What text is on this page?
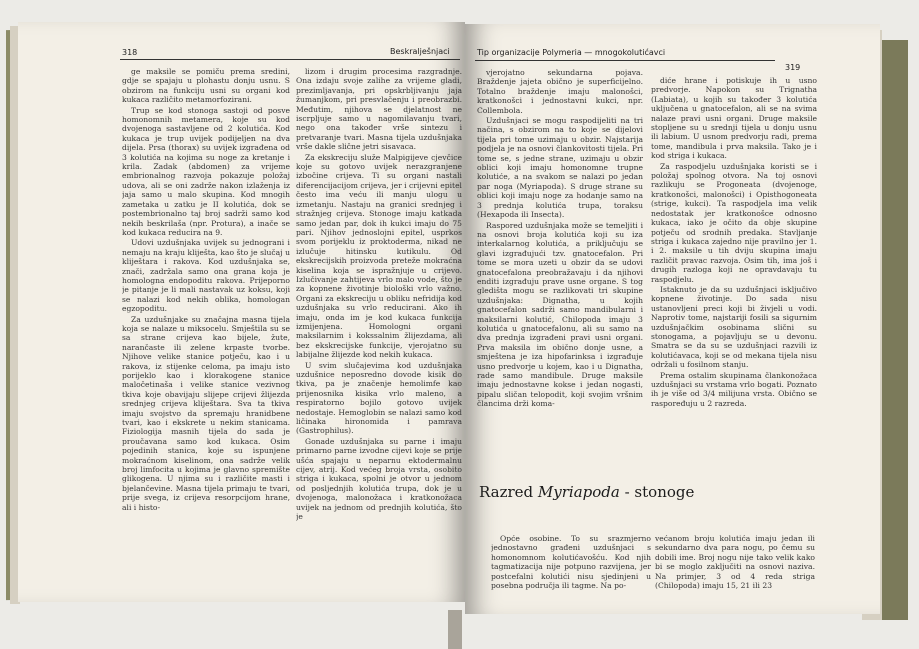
318	Beskralješnjaci

ge maksile se pomiču prema sredini, gdje se spajaju u plohastu donju usnu. S obzirom na funkciju usni su organi kod kukaca različito metamorfozirani.

Trup se kod stonoga sastoji od posve homonomnih metamera, koje su kod dvojenoga sastavljene od 2 kolutića. Kod kukaca je trup uvijek podijeljen na dva dijela. Prsa (thorax) su uvijek izgrađena od 3 kolutića na kojima su noge za kretanje i krila. Zadak (abdomen) za vrijeme embrionalnog razvoja pokazuje položaj udova, ali se oni zadrže nakon izlaženja iz jaja samo u malo skupina. Kod mnogih zametaka u zatku je II kolutića, dok se postembrionalno taj broj sadrži samo kod nekih beskrilaša (npr. Protura), a inače se kod kukaca reducira na 9.

Udovi uzdušnjaka uvijek su jednograni i nemaju na kraju kliješta, kao što je slučaj u kliještara i rakova. Kod uzdušnjaka se, znači, zadržala samo ona grana koja je homologna endopoditu rakova. Prijeporno je pitanje je li mali nastavak uz koksu, koji se nalazi kod nekih oblika, homologan egzopoditu.

Za uzdušnjake su značajna masna tijela koja se nalaze u miksocelu. Smještila su se sa strane crijeva kao bijele, žute, narančaste ili zelene krpaste tvorbe. Njihove velike stanice potječu, kao i u rakova, iz stijenke celoma, pa imaju isto porijeklo kao i klorakogene stanice maločetinaša i velike stanice vezivnog tkiva koje obavijaju slijepe crijevi žlijezda srednjeg crijeva kliještara. Sva ta tkiva imaju svojstvo da spremaju hranidbene tvari, kao i ekskrete u nekim stanicama. Fiziologija masnih tijela do sada je proučavana samo kod kukaca. Osim pojedinih stanica, koje su ispunjene mokraćnom kiselinom, ona sadrže velik broj limfocita u kojima je glavno spremište glikogena. U njima su i različite masti i bjelančevine. Masna tijela primaju te tvari, prije svega, iz crijeva resorpcijom hrane, ali i histo-

lizom i drugim procesima razgradnje. Ona izdaju svoje zalihe za vrijeme gladi, prezimljavanja, pri opskrbljivanju jaja žumanjkom, pri presvlačenju i preobrazbi. Međutim, njihova se djelatnost ne iscrpljuje samo u nagomilavanju tvari, nego ona također vrše sintezu i pretvaranje tvari. Masna tijela uzdušnjaka vrše dakle slične jetri sisavaca.

Za ekskreciju služe Malpigijeve cjevčice koje su gotovo uvijek nerazgranjene izbočine crijeva. Ti su organi nastali diferencijacijom crijeva, jer i crijevni epitel često ima veću ili manju ulogu u izmetanju. Nastaju na granici srednjeg i stražnjeg crijeva. Stonoge imaju katkada samo jedan par, dok ih kukci imaju do 75 pari. Njihov jednoslojni epitel, usprkos svom porijeklu iz proktoderma, nikad ne izlučuje hitinsku kutikulu. Od ekskrecijskih proizvoda preteže mokraćna kiselina koja se ispražnjuje u crijevo. Izlučivanje zahtijeva vrlo malo vode, što je za kopnene životinje biološki vrlo važno. Organi za ekskreciju u obliku nefridija kod uzdušnjaka su vrlo reducirani. Ako ih imaju, onda im je kod kukaca funkcija izmijenjena. Homologni organi maksilarnim i kokssalnim žlijezdama, ali bez ekskrecijske funkcije, vjerojatno su labijalne žlijezde kod nekih kukaca.

U svim slučajevima kod uzdušnjaka uzdušnice neposredno dovode kisik do tkiva, pa je značenje hemolimfe kao prijenosnika kisika vrlo maleno, a respiratorno bojilo gotovo uvijek nedostaje. Hemoglobin se nalazi samo kod ličinaka hironomida i pamrava (Gastrophilus).

Gonade uzdušnjaka su parne i imaju primarno parne izvodne cijevi koje se prije ušća spajaju u neparnu ektodermalnu cijev, atrij. Kod većeg broja vrsta, osobito striga i kukaca, spolni je otvor u jednom od posljednjih kolutića trupa, dok je u dvojenoga, malonožaca i kratkonožaca uvijek na jednom od prednjih kolutića, što je

Tip organizacije Polymeria — mnogokolutićavci
319

vjerojatno sekundarna pojava. Braždenje jajeta obično je superficijelno. Totalno braždenje imaju malonošci, kratkonošci i jednostavni kukci, npr. Collembola.

Uzdušnjaci se mogu raspodijeliti na tri načina, s obzirom na to koje se dijelovi tijela pri tome uzimaju u obzir. Najstarija podjela je na osnovi člankovitosti tijela. Pri tome se, s jedne strane, uzimaju u obzir oblici koji imaju homonomne trupne kolutiće, a na svakom se nalazi po jedan par noga (Myriapoda). S druge strane su oblici koji imaju noge za hodanje samo na 3 prednja kolutića trupa, toraksu (Hexapoda ili Insecta).

Raspored uzdušnjaka može se temeljiti i na osnovi broja kolutića koji su iza interkalarnog kolutića, a priključuju se glavi izgrađujući tzv. gnatocefalon. Pri tome se mora uzeti u obzir da se udovi gnatocefalona preobražavaju i da njihovi enditi izgrađuju prave usne organe. S tog gledišta mogu se razlikovati tri skupine uzdušnjaka: Dignatha, u kojih gnatocefalon sadrži samo mandibularni i maksilarni kolutić, Chilopoda imaju 3 kolutića u gnatocefalonu, ali su samo na dva prednja izgrađeni pravi usni organi. Prva maksila im obično donje usne, a smještena je iza hipofarinksa i izgrađuje usno predvorje u kojem, kao i u Dignatha, rade samo mandibule. Druge maksile imaju jednostavne kokse i jedan nogasti, pipalu sličan telopodit, koji svojim vršnim člancima drži koma-

diće hrane i potiskuje ih u usno predvorje. Napokon su Trignatha (Labiata), u kojih su također 3 kolutića uključena u gnatocefalon, ali se na svima nalaze pravi usni organi. Druge maksile stopljene su u srednji tijela u donju usnu ili labium. U usnom predvorju radi, prema tome, mandibula i prva maksila. Tako je i kod striga i kukaca.

Za raspodjelu uzdušnjaka koristi se i položaj spolnog otvora. Na toj osnovi razlikuju se Progoneata (dvojenoge, kratkonošci, malonošci) i Opisthogoneata (strige, kukci). Ta raspodjela ima velik nedostatak jer kratkonošce odnosno kukaca, iako je očito da obje skupine potječu od srodnih predaka. Stavljanje striga i kukaca zajedno nije pravilno jer 1. i 2. maksile u tih dviju skupina imaju različit pravac razvoja. Osim tih, ima još i drugih razloga koji ne opravdavaju tu raspodjelu.

Istaknuto je da su uzdušnjaci isključivo kopnene životinje. Do sada nisu ustanovljeni preci koji bi živjeli u vodi. Naprotiv tome, najstariji fosili sa sigurnim uzdušnjačkim osobinama slični su stonogama, a pojavljuju se u devonu. Smatra se da su se uzdušnjaci razvili iz kolutićavaca, koji se od mekana tijela nisu održali u fosilnom stanju.

Prema ostalim skupinama člankonožaca uzdušnjaci su vrstama vrlo bogati. Poznato ih je više od 3/4 milijuna vrsta. Obično se raspoređuju u 2 razreda.

Razred Myriapoda - stonoge

Opće osobine. To su srazmjerno jednostavno građeni uzdušnjaci s homonomnom kolutićavošću. Kod njih tagmatizacija nije potpuno razvijena, jer postcefalni kolutići nisu sjedinjeni u posebna područja ili tagme. Na po-

većanom broju kolutića imaju jedan ili sekundarno dva para nogu, po čemu su dobili ime. Broj nogu nije tako velik kako bi se moglo zaključiti na osnovi naziva. Na primjer, 3 od 4 reda striga (Chilopoda) imaju 15, 21 ili 23
